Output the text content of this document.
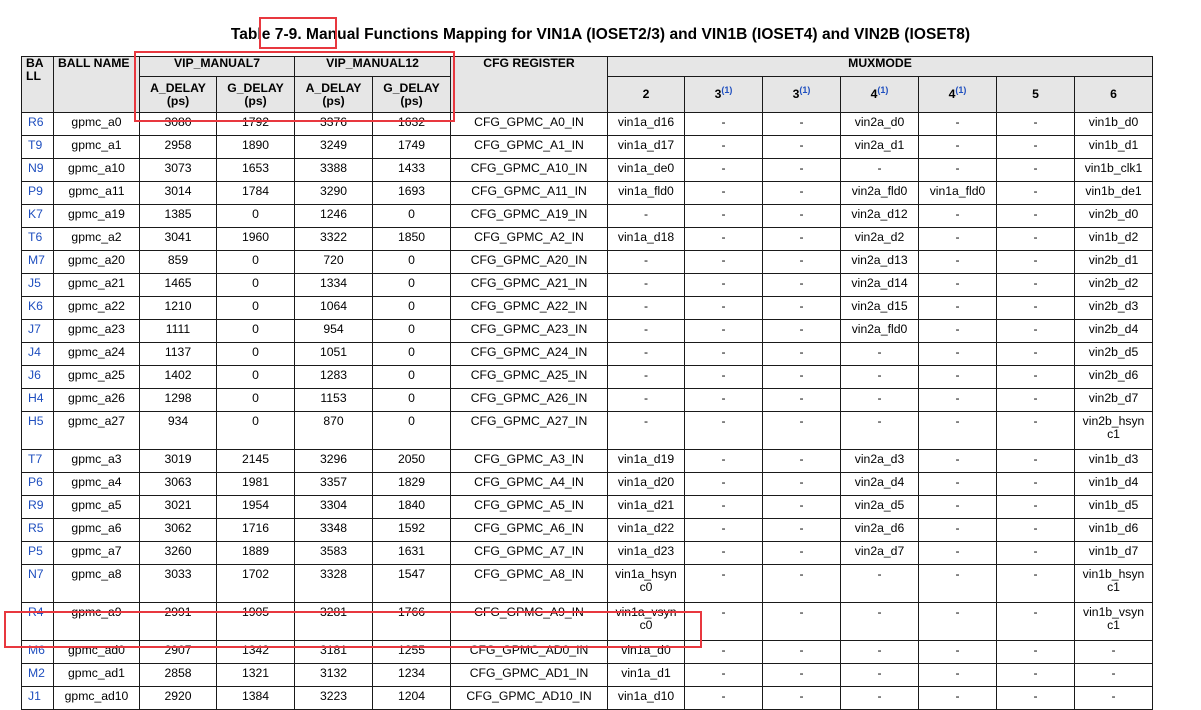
Table 7-9. Manual Functions Mapping for VIN1A (IOSET2/3) and VIN1B (IOSET4) and VIN2B (IOSET8)
BA LL	BALL NAME	VIP_MANUAL7		VIP_MANUAL12		CFG REGISTER	MUXMODE						
		A_DELAY (ps)	G_DELAY (ps)	A_DELAY (ps)	G_DELAY (ps)		2	3$^{(1)}$	3$^{(1)}$	4$^{(1)}$	4$^{(1)}$	5	6
R6	gpmc_a0	3080	1792	3376	1632	CFG_GPMC_A0_IN	vin1a_d16	-	-	vin2a_d0	-	-	vin1b_d0
T9	gpmc_a1	2958	1890	3249	1749	CFG_GPMC_A1_IN	vin1a_d17	-	-	vin2a_d1	-	-	vin1b_d1
N9	gpmc_a10	3073	1653	3388	1433	CFG_GPMC_A10_IN	vin1a_de0	-	-	-	-	-	vin1b_clk1
P9	gpmc_a11	3014	1784	3290	1693	CFG_GPMC_A11_IN	vin1a_fld0	-	-	vin2a_fld0	vin1a_fld0	-	vin1b_de1
K7	gpmc_a19	1385	0	1246	0	CFG_GPMC_A19_IN	-	-	-	vin2a_d12	-	-	vin2b_d0
T6	gpmc_a2	3041	1960	3322	1850	CFG_GPMC_A2_IN	vin1a_d18	-	-	vin2a_d2	-	-	vin1b_d2
M7	gpmc_a20	859	0	720	0	CFG_GPMC_A20_IN	-	-	-	vin2a_d13	-	-	vin2b_d1
J5	gpmc_a21	1465	0	1334	0	CFG_GPMC_A21_IN	-	-	-	vin2a_d14	-	-	vin2b_d2
K6	gpmc_a22	1210	0	1064	0	CFG_GPMC_A22_IN	-	-	-	vin2a_d15	-	-	vin2b_d3
J7	gpmc_a23	1111	0	954	0	CFG_GPMC_A23_IN	-	-	-	vin2a_fld0	-	-	vin2b_d4
J4	gpmc_a24	1137	0	1051	0	CFG_GPMC_A24_IN	-	-	-	-	-	-	vin2b_d5
J6	gpmc_a25	1402	0	1283	0	CFG_GPMC_A25_IN	-	-	-	-	-	-	vin2b_d6
H4	gpmc_a26	1298	0	1153	0	CFG_GPMC_A26_IN	-	-	-	-	-	-	vin2b_d7
H5	gpmc_a27	934	0	870	0	CFG_GPMC_A27_IN	-	-	-	-	-	-	vin2b_hsyn c1
T7	gpmc_a3	3019	2145	3296	2050	CFG_GPMC_A3_IN	vin1a_d19	-	-	vin2a_d3	-	-	vin1b_d3
P6	gpmc_a4	3063	1981	3357	1829	CFG_GPMC_A4_IN	vin1a_d20	-	-	vin2a_d4	-	-	vin1b_d4
R9	gpmc_a5	3021	1954	3304	1840	CFG_GPMC_A5_IN	vin1a_d21	-	-	vin2a_d5	-	-	vin1b_d5
R5	gpmc_a6	3062	1716	3348	1592	CFG_GPMC_A6_IN	vin1a_d22	-	-	vin2a_d6	-	-	vin1b_d6
P5	gpmc_a7	3260	1889	3583	1631	CFG_GPMC_A7_IN	vin1a_d23	-	-	vin2a_d7	-	-	vin1b_d7
N7	gpmc_a8	3033	1702	3328	1547	CFG_GPMC_A8_IN	vin1a_hsyn c0	-	-	-	-	-	vin1b_hsyn c1
R4	gpmc_a9	2991	1905	3281	1766	CFG_GPMC_A9_IN	vin1a_vsyn c0	-	-	-	-	-	vin1b_vsyn c1
M6	gpmc_ad0	2907	1342	3181	1255	CFG_GPMC_AD0_IN	vin1a_d0	-	-	-	-	-	-
M2	gpmc_ad1	2858	1321	3132	1234	CFG_GPMC_AD1_IN	vin1a_d1	-	-	-	-	-	-
J1	gpmc_ad10	2920	1384	3223	1204	CFG_GPMC_AD10_IN	vin1a_d10	-	-	-	-	-	-
